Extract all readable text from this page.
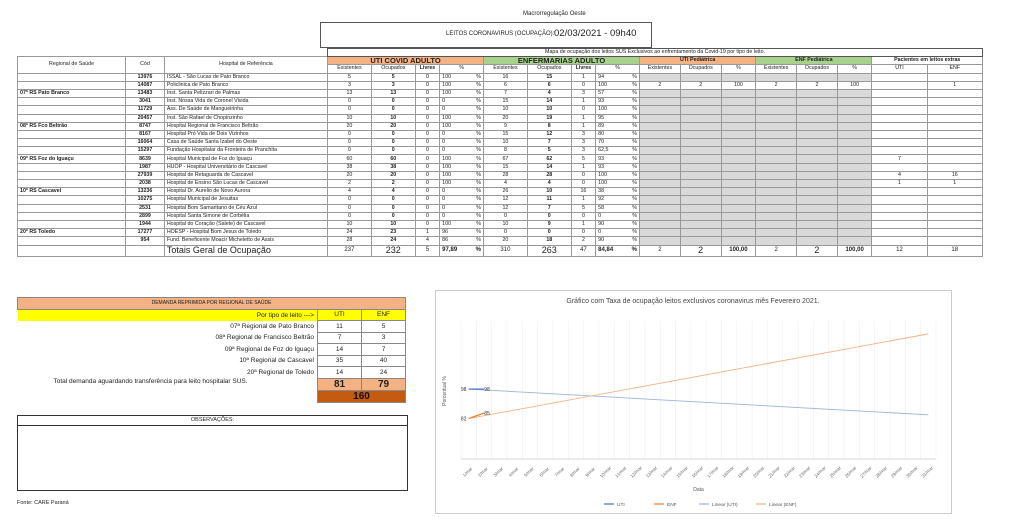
Macrorregulação Oeste
LEITOS CORONAVIRUS (OCUPAÇÃO): 02/03/2021 - 09h40
			Mapa de ocupação dos leitos SUS Exclusivos ao enfrentamento da Covid-19 por tipo de leito.															
Regional de Saúde	Cód	Hospital de Referência	UTI COVID ADULTO				ENFERMARIAS ADULTO				UTI Pediátrica			ENF Pediátrica			Pacientes em leitos extras	
			Existentes	Ocupados	Livres	%	Existentes	Ocupados	Livres	%	Existentes	Ocupados	%	Existentes	Ocupados	%	UTI	ENF
	13976	ISSAL - São Lucas de Pato Branco	5	5	0	100 %	16	15	1	94 %								

	14087	Policlinica de Pato Branco	3	3	0	100 %	6	6	0	100 %	2	2	100	2	2	100		1
07ª RS Pato Branco	13483	Inst. Santa Pelizzari de Palmas	13	13	0	100 %	7	4	3	57 %								

	3041	Inst. Nossa Vida de Coronel Vivida	0	0	0	0 %	15	14	1	93 %								

	11729	Ass. De Saúde de Mangueirinha	0	0	0	0 %	10	10	0	100 %								

	20457	Inst. São Rafael de Chopinzinho	10	10	0	100 %	20	19	1	95 %								

08ª RS Fco Beltrão	8747	Hospital Regional de Francisco Beltrão	20	20	0	100 %	9	8	1	89 %								

	8167	Hospital Pró Vida de Dois Vizinhos	0	0	0	0 %	15	12	3	80 %								

	16064	Casa de Saúde Santa Izabel do Oeste	0	0	0	0 %	10	7	3	70 %								

	15297	Fundação Hospitalar da Fronteira de Pranchita	0	0	0	0 %	8	5	3	62,5 %								

09ª RS Foz do Iguaçu	8639	Hospital Municipal de Foz do Iguaçu	60	60	0	100 %	67	62	5	93 %							7	
	1987	HUOP - Hospital Universitário de Cascavel	38	38	0	100 %	15	14	1	93 %								

	27939	Hospital de Retaguarda de Cascavel	20	20	0	100 %	28	28	0	100 %							4	16
	2038	Hospital de Ensino São Lucas de Cascavel	2	2	0	100 %	4	4	0	100 %							1	1
10ª RS Cascavel	13236	Hospital Dr. Aurelio de Novo Aurora	4	4	0	0 %	26	10	16	38 %								

	10275	Hospital Municipal de Jesuitas	0	0	0	0 %	12	11	1	92 %								

	2531	Hospital Bom Samaritano de Céu Azul	0	0	0	0 %	12	7	5	58 %								

	2899	Hospital Santa Simone de Corbélia	0	0	0	0 %	0	0	0	0 %								

	1944	Hospital do Coração (Salete) de Cascavel	10	10	0	100 %	10	9	1	90 %								

20ª RS Toledo	17277	HOESP - Hospital Bom Jesus de Toledo	24	23	1	96 %	0	0	0	0 %								

	954	Fund. Beneficente Moacir Micheletto de Assis	28	24	4	86 %	20	18	2	90 %								

		Totais Geral de Ocupação	237	232	5	97,89 %	310	263	47	84,84 %	2	2	100,00	2	2	100,00	12	18
DEMANDA REPRIMIDA POR REGIONAL DE SAÚDE		
Por tipo de leito --->	UTI	ENF
07ª Regional de Pato Branco	11	5
08ª Regional de Francisco Beltrão	7	3
09ª Regional de Foz do Iguaçu	14	7
10ª Regional de Cascavel	35	40
20ª Regional de Toledo	14	24
Total demanda aguardando transferência para leito hospitalar SUS.	81	79
	160	
OBSERVAÇÕES:
Fonte: CARE Paraná
Gráfico com Taxa de ocupação leitos exclusivos coronavirus mês Fevereiro 2021.
Porcentual %
1/mar 2/mar 3/mar 4/mar 5/mar 6/mar 7/mar 8/mar 9/mar 10/mar 11/mar 12/mar 13/mar 14/mar 15/mar 16/mar 17/mar 18/mar 19/mar 20/mar 21/mar 22/mar 23/mar 24/mar 25/mar 26/mar 27/mar 28/mar 29/mar 30/mar 31/mar
Data
98	98
82
85
UTI	ENF	Linear (UTI)	Linear (ENF)
